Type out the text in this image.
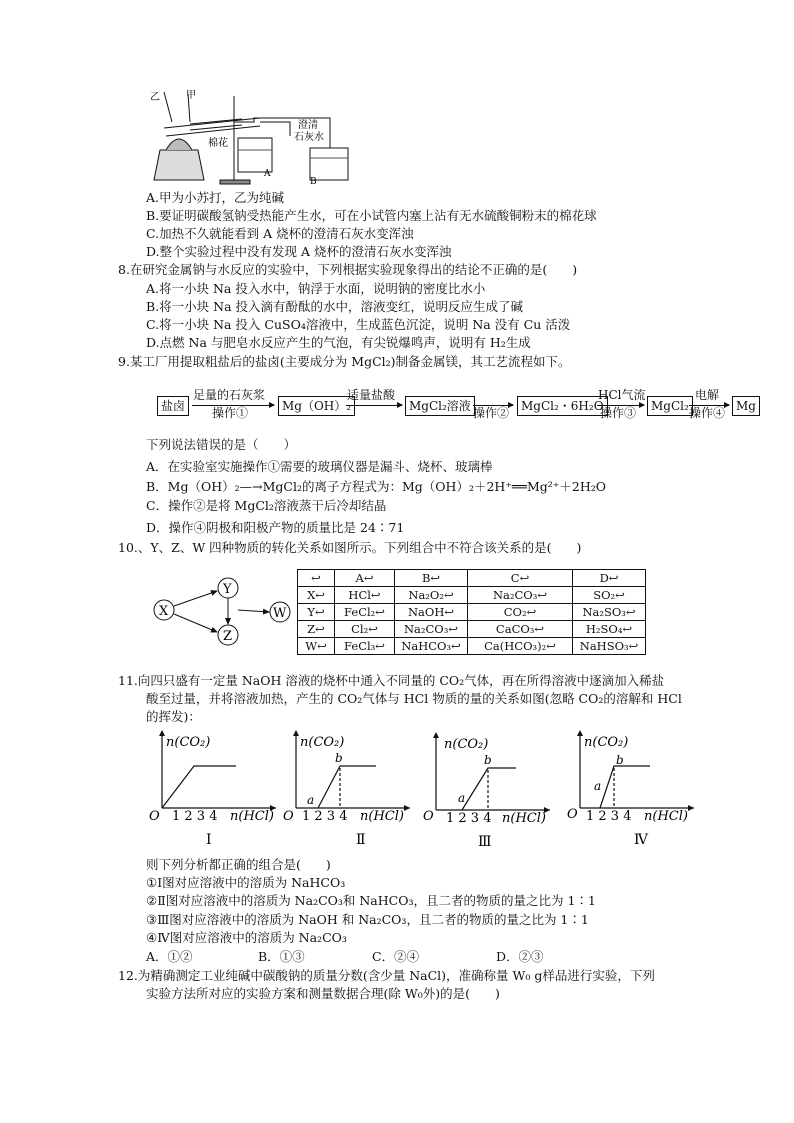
乙	甲
棉花
澄清
石灰水
A
B
A.甲为小苏打，乙为纯碱
B.要证明碳酸氢钠受热能产生水，可在小试管内塞上沾有无水硫酸铜粉末的棉花球
C.加热不久就能看到 A 烧杯的澄清石灰水变浑浊
D.整个实验过程中没有发现 A 烧杯的澄清石灰水变浑浊
8.在研究金属钠与水反应的实验中，下列根据实验现象得出的结论不正确的是(　　)
A.将一小块 Na 投入水中，钠浮于水面，说明钠的密度比水小
B.将一小块 Na 投入滴有酚酞的水中，溶液变红，说明反应生成了碱
C.将一小块 Na 投入 CuSO₄溶液中，生成蓝色沉淀，说明 Na 没有 Cu 活泼
D.点燃 Na 与肥皂水反应产生的气泡，有尖锐爆鸣声，说明有 H₂生成
9.某工厂用提取粗盐后的盐卤(主要成分为 MgCl₂)制备金属镁，其工艺流程如下。
盐卤
足量的石灰浆
操作①	Mg（OH）₂
适量盐酸
MgCl₂溶液 操作② MgCl₂・6H₂O
HCl气流
操作③	MgCl₂
电解
操作④ Mg
下列说法错误的是（　　）
A．在实验室实施操作①需要的玻璃仪器是漏斗、烧杯、玻璃棒
B．Mg（OH）₂—→MgCl₂的离子方程式为：Mg（OH）₂＋2H⁺══Mg²⁺＋2H₂O
C．操作②是将 MgCl₂溶液蒸干后冷却结晶
D．操作④阴极和阳极产物的质量比是 24∶71
10.、Y、Z、W 四种物质的转化关系如图所示。下列组合中不符合该关系的是(　　)
X
Y
Z
W
↩	A↩	B↩	C↩	D↩
X↩	HCl↩	Na₂O₂↩	Na₂CO₃↩	SO₂↩
Y↩	FeCl₂↩	NaOH↩	CO₂↩	Na₂SO₃↩
Z↩	Cl₂↩	Na₂CO₃↩	CaCO₃↩	H₂SO₄↩
W↩	FeCl₃↩	NaHCO₃↩	Ca(HCO₃)₂↩	NaHSO₃↩
11.向四只盛有一定量 NaOH 溶液的烧杯中通入不同量的 CO₂气体，再在所得溶液中逐滴加入稀盐
酸至过量，并将溶液加热，产生的 CO₂气体与 HCl 物质的量的关系如图(忽略 CO₂的溶解和 HCl
的挥发)：
n(CO₂)
O 1 2 3 4 n(HCl)
Ⅰ
n(CO₂)
a
b
O 1 2 3 4 n(HCl)
Ⅱ
n(CO₂)
a
b
O 1 2 3 4 n(HCl)
Ⅲ
n(CO₂)
a
b
O 1 2 3 4 n(HCl)
Ⅳ
则下列分析都正确的组合是(　　)
①Ⅰ图对应溶液中的溶质为 NaHCO₃
②Ⅱ图对应溶液中的溶质为 Na₂CO₃和 NaHCO₃，且二者的物质的量之比为 1∶1
③Ⅲ图对应溶液中的溶质为 NaOH 和 Na₂CO₃，且二者的物质的量之比为 1∶1
④Ⅳ图对应溶液中的溶质为 Na₂CO₃
A．①②	B．①③	C．②④	D．②③
12.为精确测定工业纯碱中碳酸钠的质量分数(含少量 NaCl)，准确称量 W₀ g样品进行实验，下列
实验方法所对应的实验方案和测量数据合理(除 W₀外)的是(　　)
